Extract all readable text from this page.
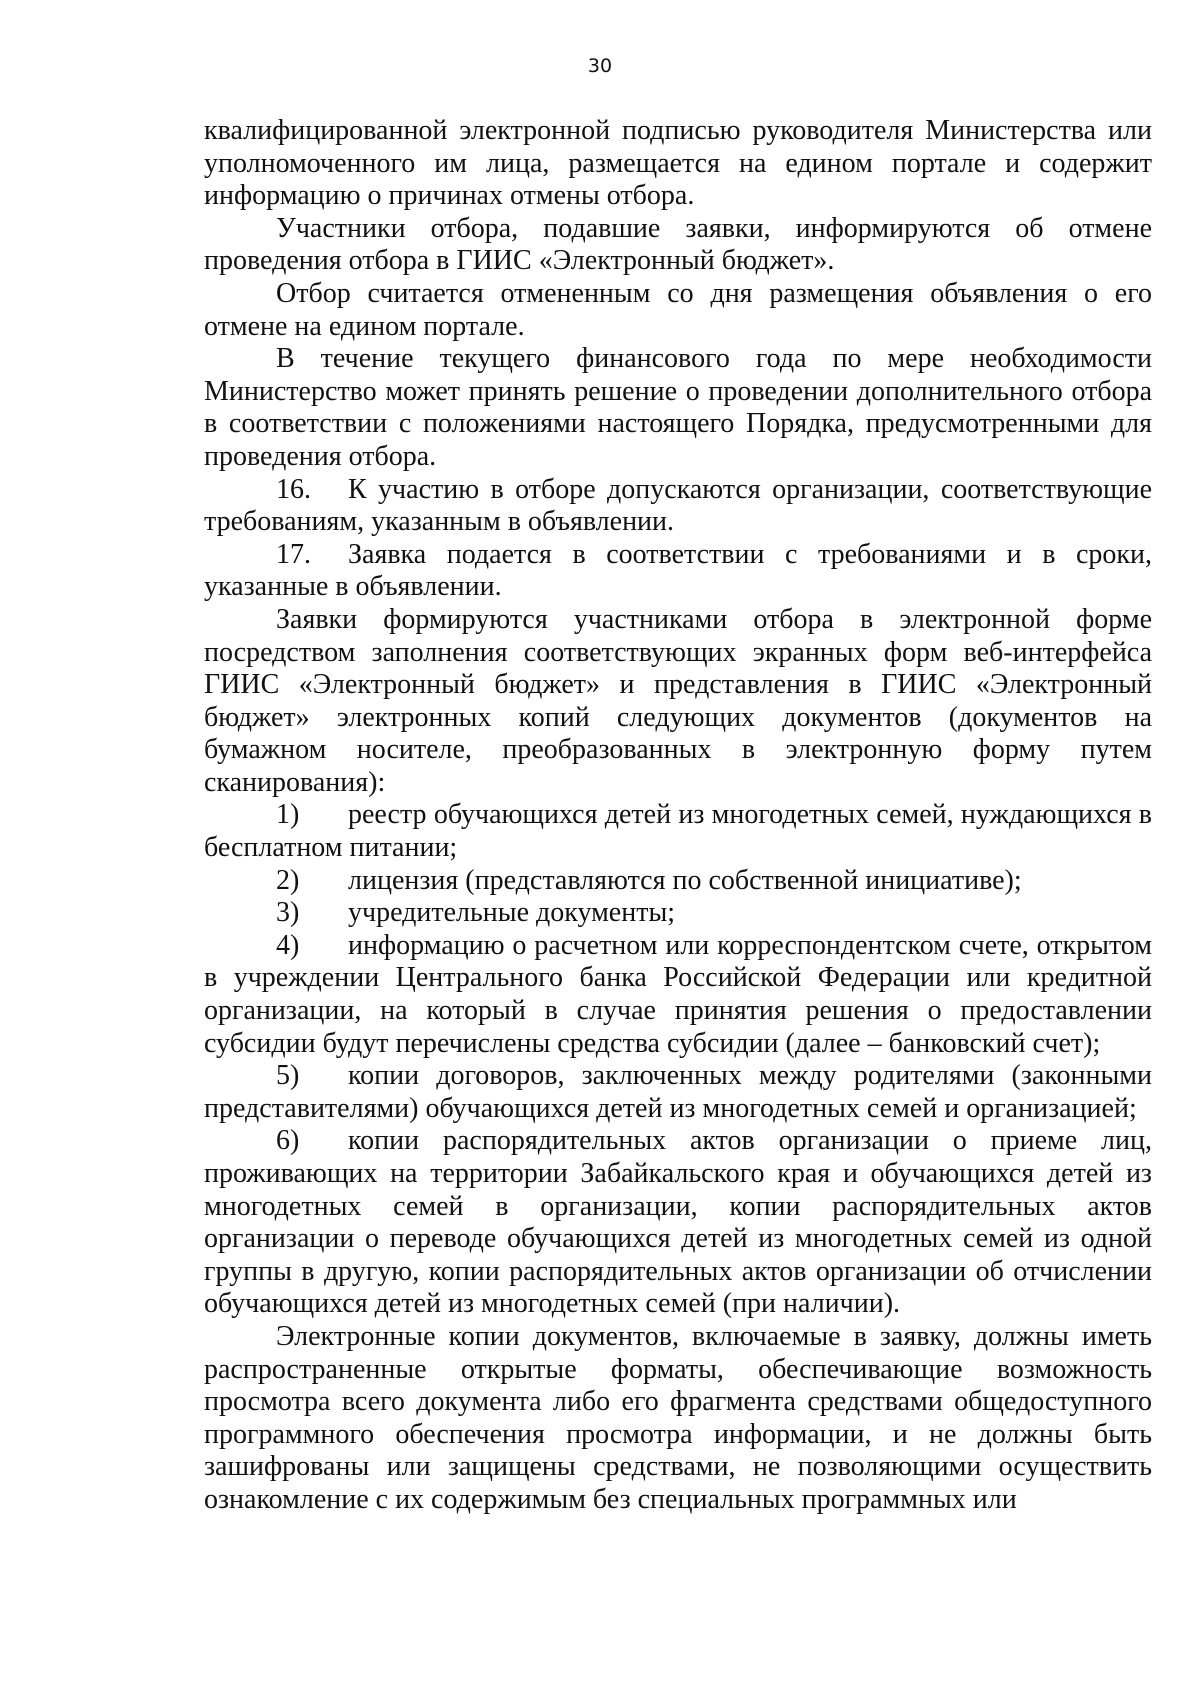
30

квалифицированной электронной подписью руководителя Министерства или уполномоченного им лица, размещается на едином портале и содержит информацию о причинах отмены отбора.

Участники отбора, подавшие заявки, информируются об отмене проведения отбора в ГИИС «Электронный бюджет».

Отбор считается отмененным со дня размещения объявления о его отмене на едином портале.

В течение текущего финансового года по мере необходимости Министерство может принять решение о проведении дополнительного отбора в соответствии с положениями настоящего Порядка, предусмотренными для проведения отбора.

16. К участию в отборе допускаются организации, соответствующие требованиям, указанным в объявлении.

17. Заявка подается в соответствии с требованиями и в сроки, указанные в объявлении.

Заявки формируются участниками отбора в электронной форме посредством заполнения соответствующих экранных форм веб-интерфейса ГИИС «Электронный бюджет» и представления в ГИИС «Электронный бюджет» электронных копий следующих документов (документов на бумажном носителе, преобразованных в электронную форму путем сканирования):

1) реестр обучающихся детей из многодетных семей, нуждающихся в бесплатном питании;

2) лицензия (представляются по собственной инициативе);

3) учредительные документы;

4) информацию о расчетном или корреспондентском счете, открытом в учреждении Центрального банка Российской Федерации или кредитной организации, на который в случае принятия решения о предоставлении субсидии будут перечислены средства субсидии (далее – банковский счет);

5) копии договоров, заключенных между родителями (законными представителями) обучающихся детей из многодетных семей и организацией;

6) копии распорядительных актов организации о приеме лиц, проживающих на территории Забайкальского края и обучающихся детей из многодетных семей в организации, копии распорядительных актов организации о переводе обучающихся детей из многодетных семей из одной группы в другую, копии распорядительных актов организации об отчислении обучающихся детей из многодетных семей (при наличии).

Электронные копии документов, включаемые в заявку, должны иметь распространенные открытые форматы, обеспечивающие возможность просмотра всего документа либо его фрагмента средствами общедоступного программного обеспечения просмотра информации, и не должны быть зашифрованы или защищены средствами, не позволяющими осуществить ознакомление с их содержимым без специальных программных или
